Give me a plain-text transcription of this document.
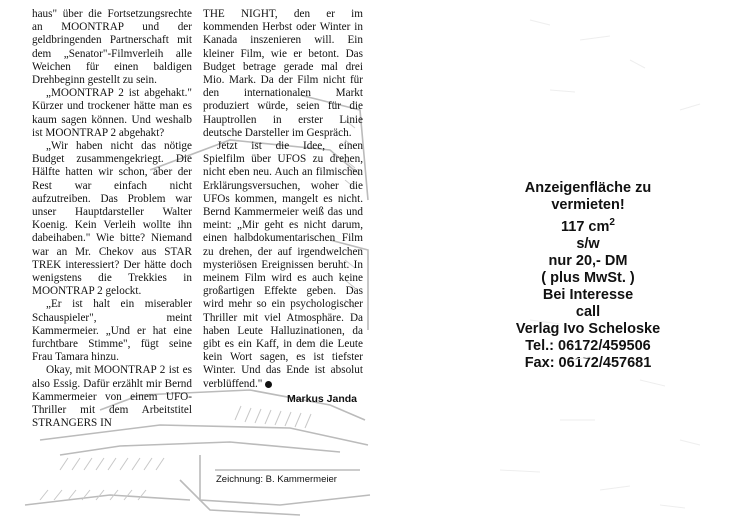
haus" über die Fortsetzungsrechte an MOONTRAP und der geldbringenden Partnerschaft mit dem „Senator"-Filmverleih alle Weichen für einen baldigen Drehbeginn gestellt zu sein.

„MOONTRAP 2 ist abgehakt." Kürzer und trockener hätte man es kaum sagen können. Und weshalb ist MOONTRAP 2 abgehakt?

„Wir haben nicht das nötige Budget zusammengekriegt. Die Hälfte hatten wir schon, aber der Rest war einfach nicht aufzutreiben. Das Problem war unser Hauptdarsteller Walter Koenig. Kein Verleih wollte ihn dabeihaben." Wie bitte? Niemand war an Mr. Chekov aus STAR TREK interessiert? Der hätte doch wenigstens die Trekkies in MOONTRAP 2 gelockt.

„Er ist halt ein miserabler Schauspieler", meint Kammermeier. „Und er hat eine furchtbare Stimme", fügt seine Frau Tamara hinzu.

Okay, mit MOONTRAP 2 ist es also Essig. Dafür erzählt mir Bernd Kammermeier von einem UFO-Thriller mit dem Arbeitstitel STRANGERS IN

THE NIGHT, den er im kommenden Herbst oder Winter in Kanada inszenieren will. Ein kleiner Film, wie er betont. Das Budget betrage gerade mal drei Mio. Mark. Da der Film nicht für den internationalen Markt produziert würde, seien für die Hauptrollen in erster Linie deutsche Darsteller im Gespräch.

Jetzt ist die Idee, einen Spielfilm über UFOS zu drehen, nicht eben neu. Auch an filmischen Erklärungsversuchen, woher die UFOs kommen, mangelt es nicht. Bernd Kammermeier weiß das und meint: „Mir geht es nicht darum, einen halbdokumentarischen Film zu drehen, der auf irgendwelchen mysteriösen Ereignissen beruht. In meinem Film wird es auch keine großartigen Effekte geben. Das wird mehr so ein psychologischer Thriller mit viel Atmosphäre. Da haben Leute Halluzinationen, da gibt es ein Kaff, in dem die Leute kein Wort sagen, es ist tiefster Winter. Und das Ende ist absolut verblüffend."

Markus Janda
Zeichnung: B. Kammermeier
Anzeigenfläche zu
vermieten!
117 $cm^2$
s/w
nur 20,- DM
( plus MwSt. )
Bei Interesse
call
Verlag Ivo Scheloske
Tel.: 06172/459506
Fax: 06172/457681
